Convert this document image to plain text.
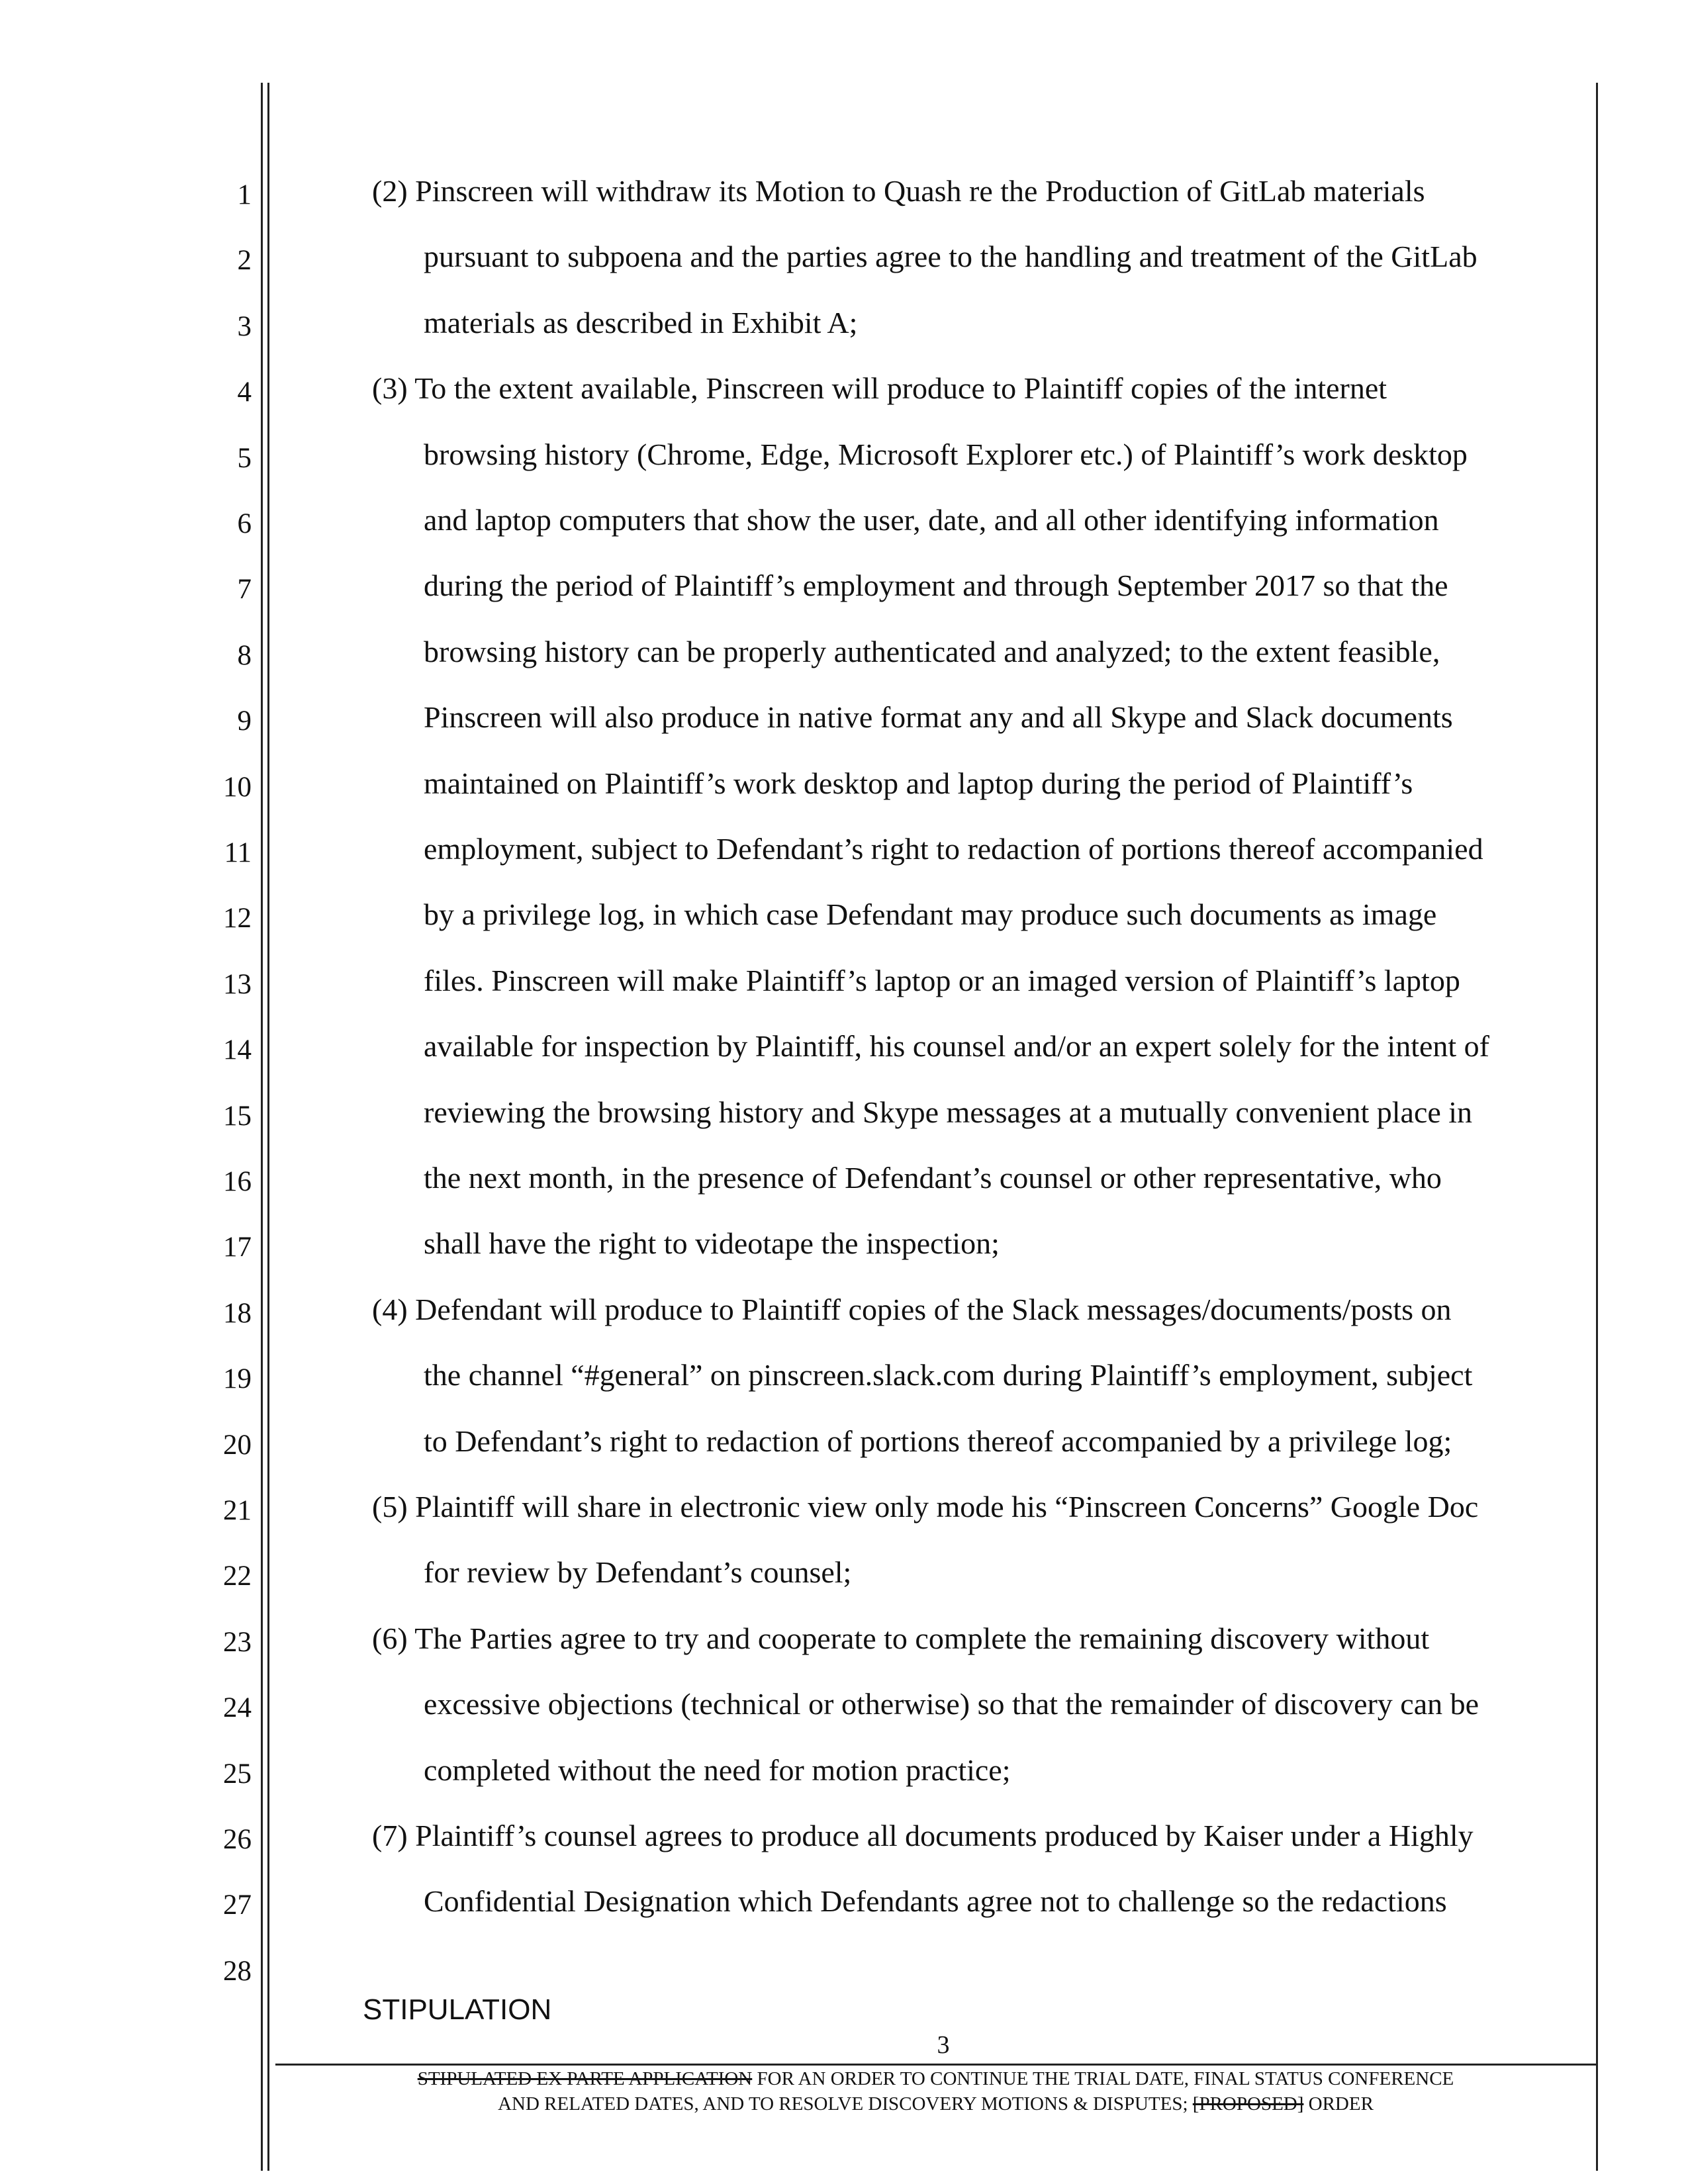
1
2
3
4
5
6
7
8
9
10
11
12
13
14
15
16
17
18
19
20
21
22
23
24
25
26
27
28
(2) Pinscreen will withdraw its Motion to Quash re the Production of GitLab materials
pursuant to subpoena and the parties agree to the handling and treatment of the GitLab
materials as described in Exhibit A;
(3) To the extent available, Pinscreen will produce to Plaintiff copies of the internet
browsing history (Chrome, Edge, Microsoft Explorer etc.) of Plaintiff’s work desktop
and laptop computers that show the user, date, and all other identifying information
during the period of Plaintiff’s employment and through September 2017 so that the
browsing history can be properly authenticated and analyzed; to the extent feasible,
Pinscreen will also produce in native format any and all Skype and Slack documents
maintained on Plaintiff’s work desktop and laptop during the period of Plaintiff’s
employment, subject to Defendant’s right to redaction of portions thereof accompanied
by a privilege log, in which case Defendant may produce such documents as image
files. Pinscreen will make Plaintiff’s laptop or an imaged version of Plaintiff’s laptop
available for inspection by Plaintiff, his counsel and/or an expert solely for the intent of
reviewing the browsing history and Skype messages at a mutually convenient place in
the next month, in the presence of Defendant’s counsel or other representative, who
shall have the right to videotape the inspection;
(4) Defendant will produce to Plaintiff copies of the Slack messages/documents/posts on
the channel “#general” on pinscreen.slack.com during Plaintiff’s employment, subject
to Defendant’s right to redaction of portions thereof accompanied by a privilege log;
(5) Plaintiff will share in electronic view only mode his “Pinscreen Concerns” Google Doc
for review by Defendant’s counsel;
(6) The Parties agree to try and cooperate to complete the remaining discovery without
excessive objections (technical or otherwise) so that the remainder of discovery can be
completed without the need for motion practice;
(7) Plaintiff’s counsel agrees to produce all documents produced by Kaiser under a Highly
Confidential Designation which Defendants agree not to challenge so the redactions
STIPULATION
3
STIPULATED EX PARTE APPLICATION FOR AN ORDER TO CONTINUE THE TRIAL DATE, FINAL STATUS CONFERENCE
AND RELATED DATES, AND TO RESOLVE DISCOVERY MOTIONS & DISPUTES; [PROPOSED] ORDER
